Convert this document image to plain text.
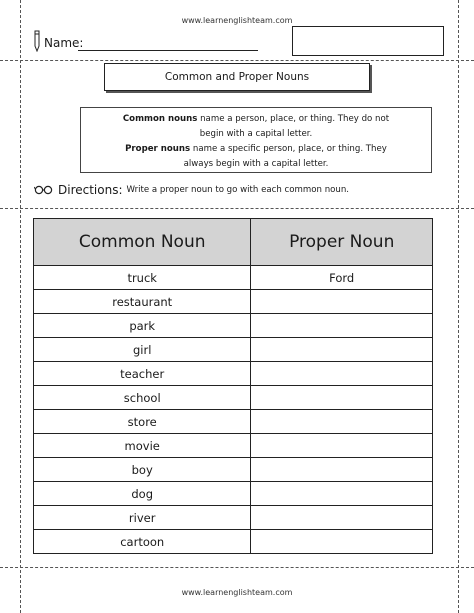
www.learnenglishteam.com
Name:
Common and Proper Nouns
Common nouns name a person, place, or thing. They do not
begin with a capital letter.
Proper nouns name a specific person, place, or thing. They
always begin with a capital letter.
Directions: Write a proper noun to go with each common noun.
Common Noun	Proper Noun
truck	Ford
restaurant	
park	
girl	
teacher	
school	
store	
movie	
boy	
dog	
river	
cartoon	
www.learnenglishteam.com
